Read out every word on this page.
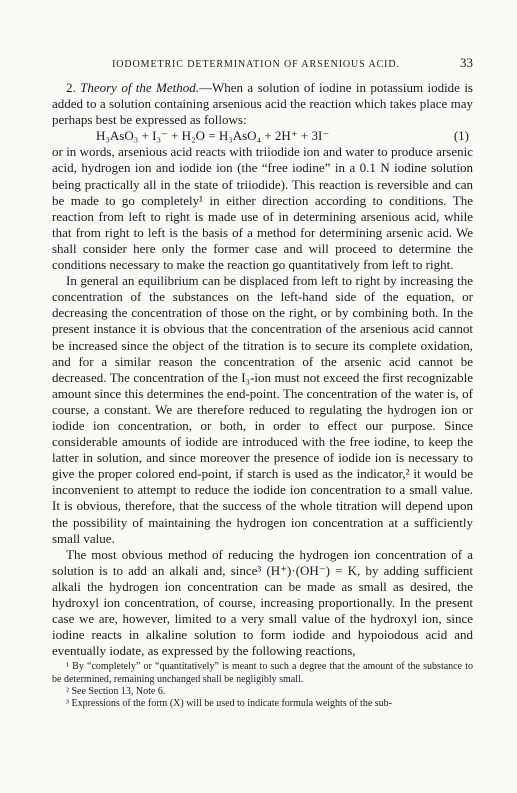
IODOMETRIC DETERMINATION OF ARSENIOUS ACID.	33

2. Theory of the Method.—When a solution of iodine in potassium iodide is added to a solution containing arsenious acid the reaction which takes place may perhaps best be expressed as follows:

H₃AsO₃ + I₃⁻ + H₂O = H₃AsO₄ + 2H⁺ + 3I⁻	(1)

or in words, arsenious acid reacts with triiodide ion and water to produce arsenic acid, hydrogen ion and iodide ion (the “free iodine” in a 0.1 N iodine solution being practically all in the state of triiodide). This reaction is reversible and can be made to go completely¹ in either direction according to conditions. The reaction from left to right is made use of in determining arsenious acid, while that from right to left is the basis of a method for determining arsenic acid. We shall consider here only the former case and will proceed to determine the conditions necessary to make the reaction go quantitatively from left to right.

In general an equilibrium can be displaced from left to right by increasing the concentration of the substances on the left-hand side of the equation, or decreasing the concentration of those on the right, or by combining both. In the present instance it is obvious that the concentration of the arsenious acid cannot be increased since the object of the titration is to secure its complete oxidation, and for a similar reason the concentration of the arsenic acid cannot be decreased. The concentration of the I₃-ion must not exceed the first recognizable amount since this determines the end-point. The concentration of the water is, of course, a constant. We are therefore reduced to regulating the hydrogen ion or iodide ion concentration, or both, in order to effect our purpose. Since considerable amounts of iodide are introduced with the free iodine, to keep the latter in solution, and since moreover the presence of iodide ion is necessary to give the proper colored end-point, if starch is used as the indicator,² it would be inconvenient to attempt to reduce the iodide ion concentration to a small value. It is obvious, therefore, that the success of the whole titration will depend upon the possibility of maintaining the hydrogen ion concentration at a sufficiently small value.

The most obvious method of reducing the hydrogen ion concentration of a solution is to add an alkali and, since³ (H⁺)·(OH⁻) = K, by adding sufficient alkali the hydrogen ion concentration can be made as small as desired, the hydroxyl ion concentration, of course, increasing proportionally. In the present case we are, however, limited to a very small value of the hydroxyl ion, since iodine reacts in alkaline solution to form iodide and hypoiodous acid and eventually iodate, as expressed by the following reactions,

¹ By “completely” or “quantitatively” is meant to such a degree that the amount of the substance to be determined, remaining unchanged shall be negligibly small.

² See Section 13, Note 6.

³ Expressions of the form (X) will be used to indicate formula weights of the sub-
